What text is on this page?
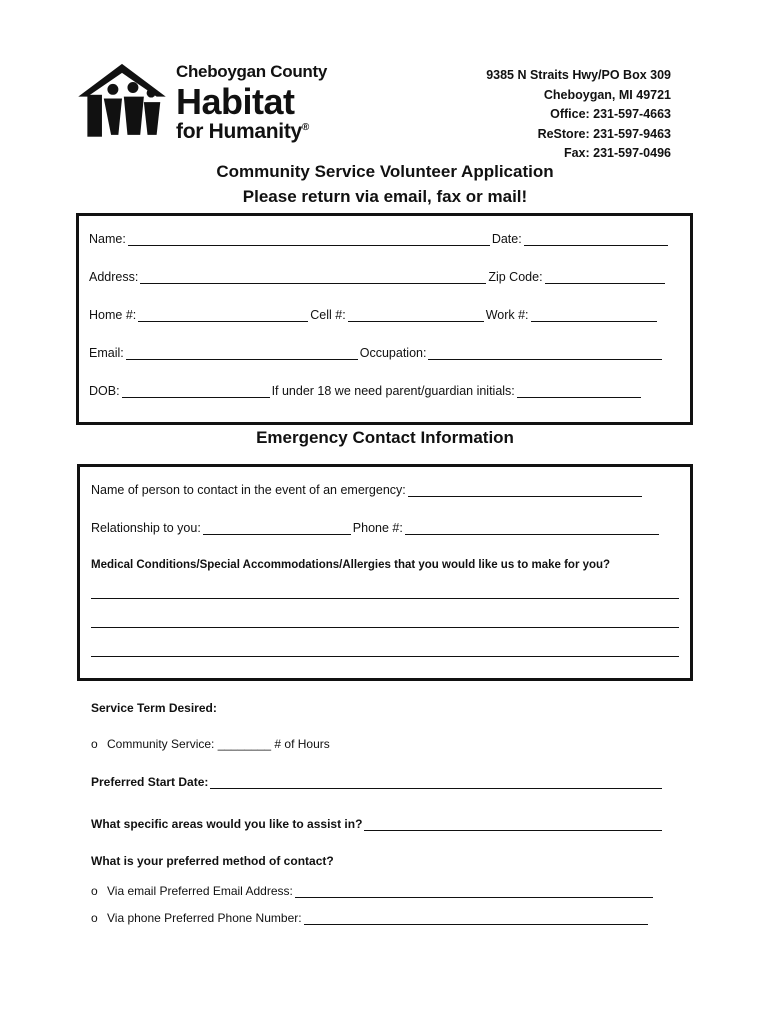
Cheboygan County
Habitat
for Humanity®
9385 N Straits Hwy/PO Box 309
Cheboygan, MI 49721
Office: 231-597-4663
ReStore: 231-597-9463
Fax: 231-597-0496
Community Service Volunteer Application
Please return via email, fax or mail!
Name:	Date:
Address:	Zip Code:
Home #:	Cell #:	Work #:
Email:	Occupation:
DOB:	If under 18 we need parent/guardian initials:
Emergency Contact Information
Name of person to contact in the event of an emergency:
Relationship to you:	Phone #:
Medical Conditions/Special Accommodations/Allergies that you would like us to make for you?
Service Term Desired:
o Community Service: ________ # of Hours
Preferred Start Date:
What specific areas would you like to assist in?
What is your preferred method of contact?
o Via email Preferred Email Address:
o Via phone Preferred Phone Number:
